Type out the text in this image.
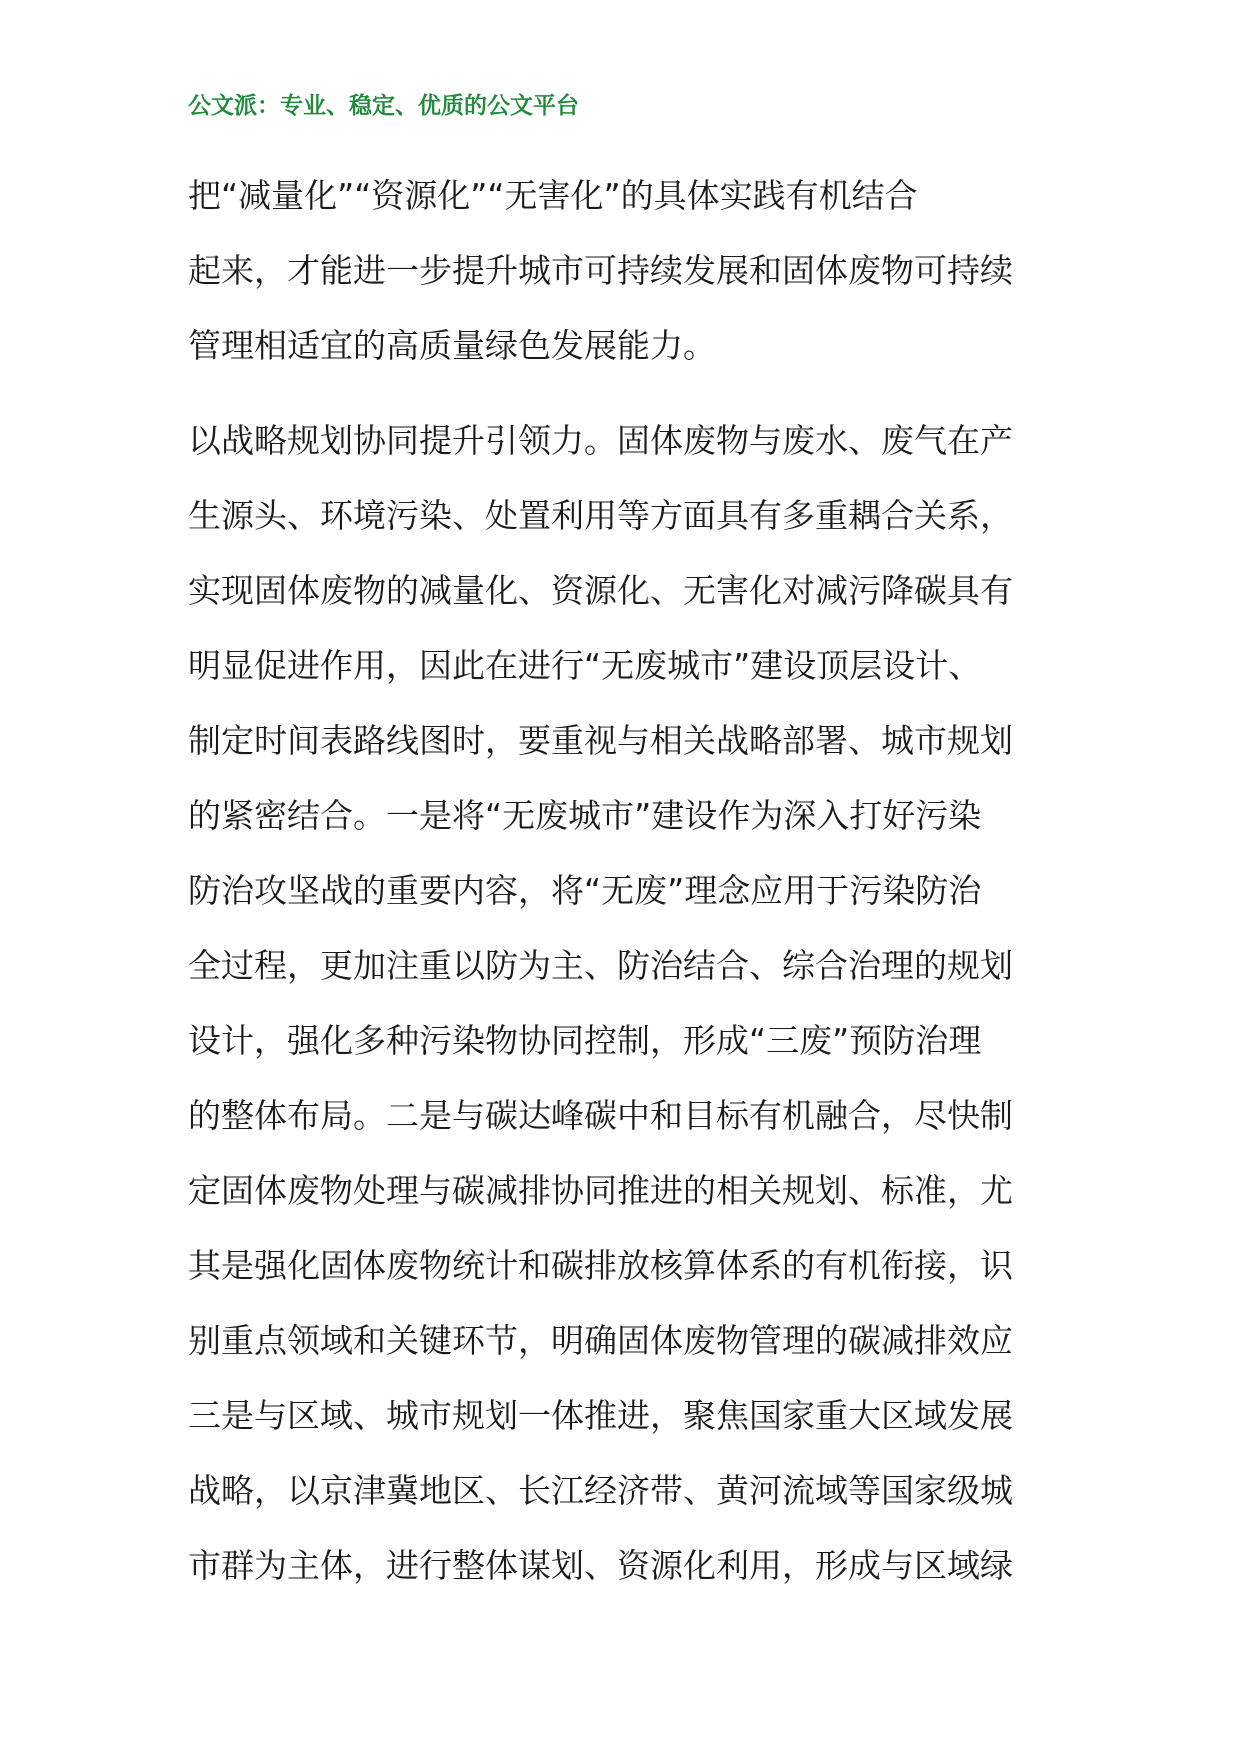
公文派：专业、稳定、优质的公文平台
把“减量化”“资源化”“无害化”的具体实践有机结合
起来，才能进一步提升城市可持续发展和固体废物可持续
管理相适宜的高质量绿色发展能力。
以战略规划协同提升引领力。固体废物与废水、废气在产
生源头、环境污染、处置利用等方面具有多重耦合关系，
实现固体废物的减量化、资源化、无害化对减污降碳具有
明显促进作用，因此在进行“无废城市”建设顶层设计、
制定时间表路线图时，要重视与相关战略部署、城市规划
的紧密结合。一是将“无废城市”建设作为深入打好污染
防治攻坚战的重要内容，将“无废”理念应用于污染防治
全过程，更加注重以防为主、防治结合、综合治理的规划
设计，强化多种污染物协同控制，形成“三废”预防治理
的整体布局。二是与碳达峰碳中和目标有机融合，尽快制
定固体废物处理与碳减排协同推进的相关规划、标准，尤
其是强化固体废物统计和碳排放核算体系的有机衔接，识
别重点领域和关键环节，明确固体废物管理的碳减排效应
三是与区域、城市规划一体推进，聚焦国家重大区域发展
战略，以京津冀地区、长江经济带、黄河流域等国家级城
市群为主体，进行整体谋划、资源化利用，形成与区域绿
